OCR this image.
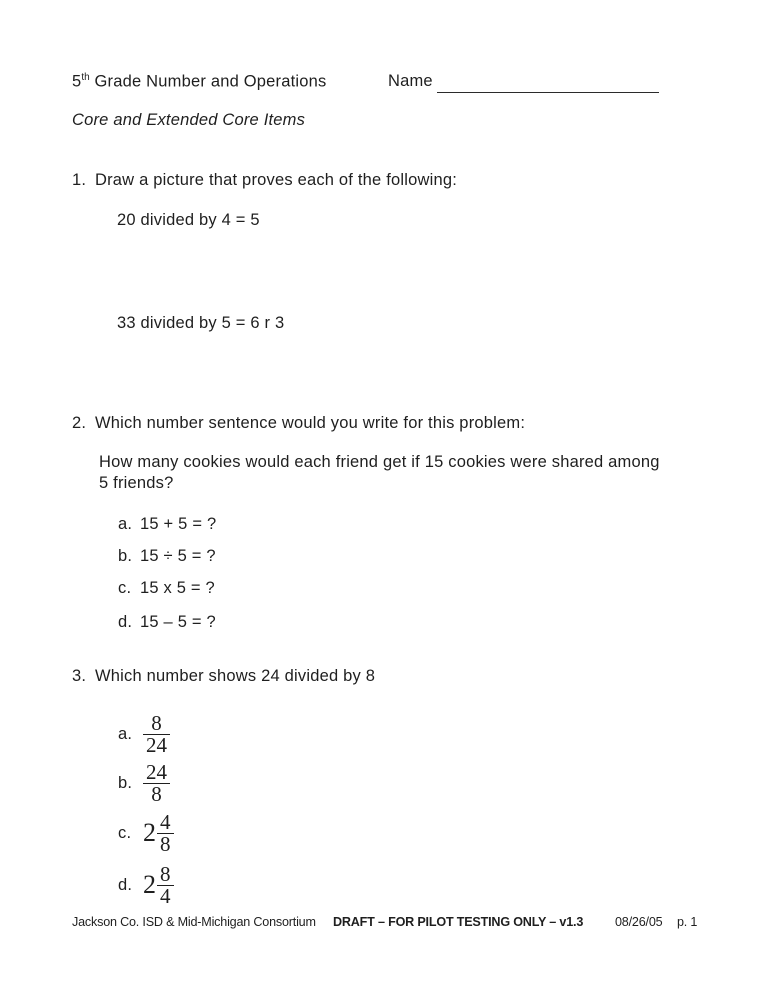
5th Grade Number and Operations	Name
Core and Extended Core Items
1. Draw a picture that proves each of the following:
20 divided by 4 = 5
33 divided by 5 = 6 r 3
2. Which number sentence would you write for this problem:
How many cookies would each friend get if 15 cookies were shared among
5 friends?
a. 15 + 5 = ?
b. 15 ÷ 5 = ?
c. 15 x 5 = ?
d. 15 – 5 = ?
3. Which number shows 24 divided by 8
a. $\frac{8}{24}$
b. $\frac{24}{8}$
c. $2 \frac{4}{8}$
d. $2 \frac{8}{4}$
Jackson Co. ISD & Mid-Michigan Consortium DRAFT – FOR PILOT TESTING ONLY – v1.3	08/26/05 p. 1
